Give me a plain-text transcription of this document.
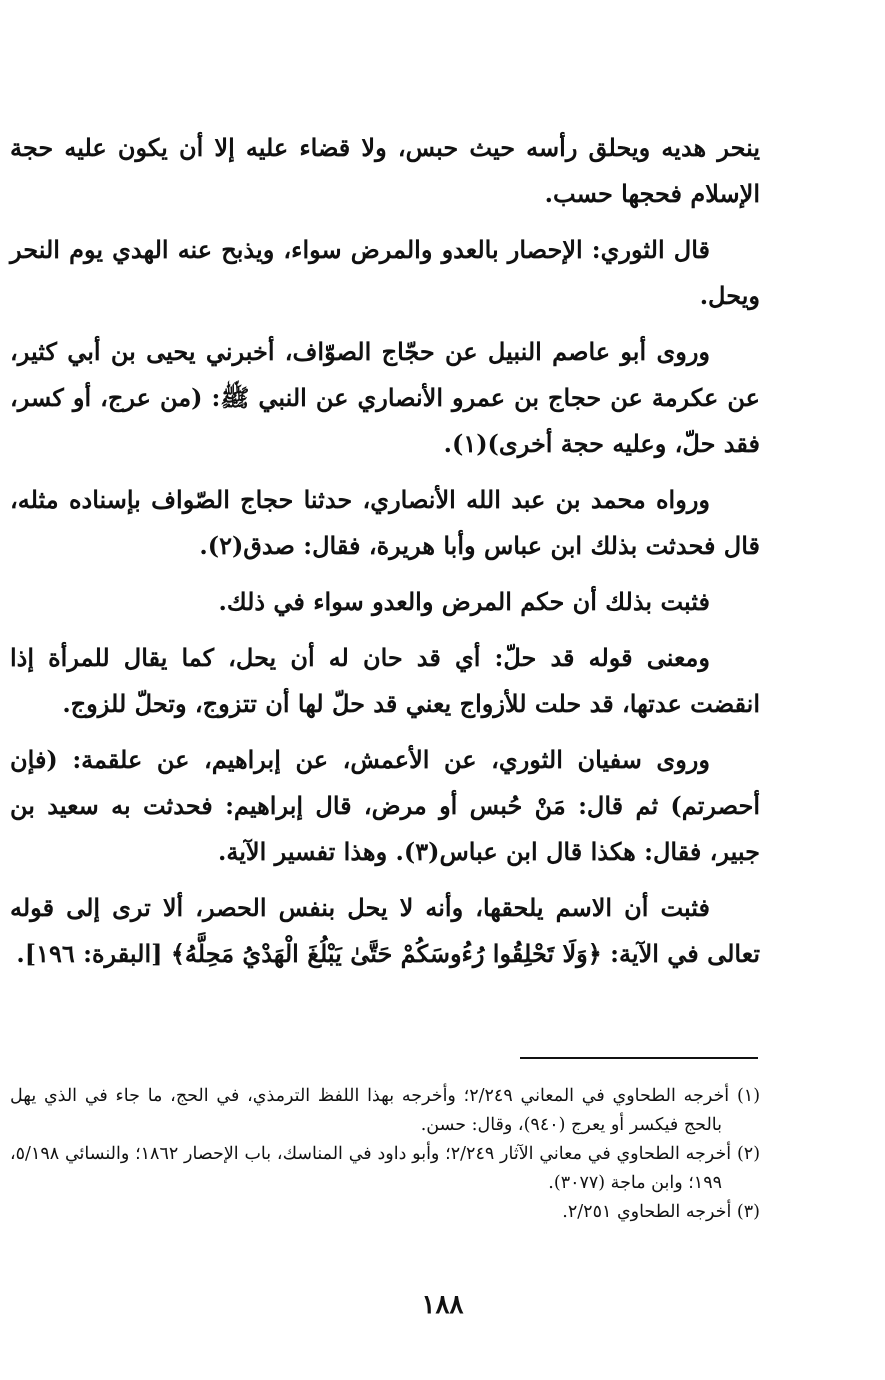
ينحر هديه ويحلق رأسه حيث حبس، ولا قضاء عليه إلا أن يكون عليه حجة الإسلام فحجها حسب.

قال الثوري: الإحصار بالعدو والمرض سواء، ويذبح عنه الهدي يوم النحر ويحل.

وروى أبو عاصم النبيل عن حجّاج الصوّاف، أخبرني يحيى بن أبي كثير، عن عكرمة عن حجاج بن عمرو الأنصاري عن النبي ﷺ: (من عرج، أو كسر، فقد حلّ، وعليه حجة أخرى)(١).

ورواه محمد بن عبد الله الأنصاري، حدثنا حجاج الصّواف بإسناده مثله، قال فحدثت بذلك ابن عباس وأبا هريرة، فقال: صدق(٢).

فثبت بذلك أن حكم المرض والعدو سواء في ذلك.

ومعنى قوله قد حلّ: أي قد حان له أن يحل، كما يقال للمرأة إذا انقضت عدتها، قد حلت للأزواج يعني قد حلّ لها أن تتزوج، وتحلّ للزوج.

وروى سفيان الثوري، عن الأعمش، عن إبراهيم، عن علقمة: (فإن أحصرتم) ثم قال: مَنْ حُبس أو مرض، قال إبراهيم: فحدثت به سعيد بن جبير، فقال: هكذا قال ابن عباس(٣). وهذا تفسير الآية.

فثبت أن الاسم يلحقها، وأنه لا يحل بنفس الحصر، ألا ترى إلى قوله تعالى في الآية: ﴿وَلَا تَحْلِقُوا رُءُوسَكُمْ حَتَّىٰ يَبْلُغَ الْهَدْيُ مَحِلَّهُ﴾ [البقرة: ١٩٦].

(١) أخرجه الطحاوي في المعاني ٢/٢٤٩؛ وأخرجه بهذا اللفظ الترمذي، في الحج، ما جاء في الذي يهل بالحج فيكسر أو يعرج (٩٤٠)، وقال: حسن.

(٢) أخرجه الطحاوي في معاني الآثار ٢/٢٤٩؛ وأبو داود في المناسك، باب الإحصار ١٨٦٢؛ والنسائي ٥/١٩٨، ١٩٩؛ وابن ماجة (٣٠٧٧).

(٣) أخرجه الطحاوي ٢/٢٥١.

١٨٨
